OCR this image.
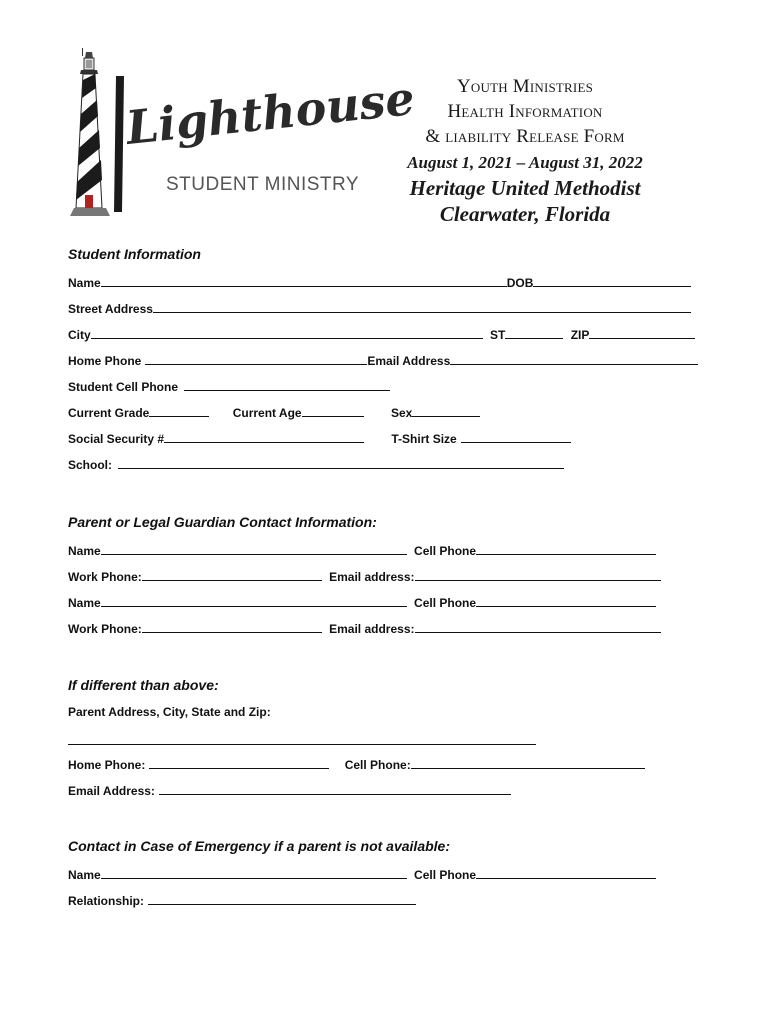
Lighthouse
STUDENT MINISTRY
Youth Ministries
Health Information
& liability Release Form
August 1, 2021 – August 31, 2022
Heritage United Methodist
Clearwater, Florida
Student Information
Name	DOB
Street Address
City	ST	ZIP
Home Phone	Email Address
Student Cell Phone
Current Grade	Current Age	Sex
Social Security #	T-Shirt Size
School:
Parent or Legal Guardian Contact Information:
Name	Cell Phone
Work Phone:	Email address:
Name	Cell Phone
Work Phone:	Email address:
If different than above:
Parent Address, City, State and Zip:
Home Phone:	Cell Phone:
Email Address:
Contact in Case of Emergency if a parent is not available:
Name	Cell Phone
Relationship:
